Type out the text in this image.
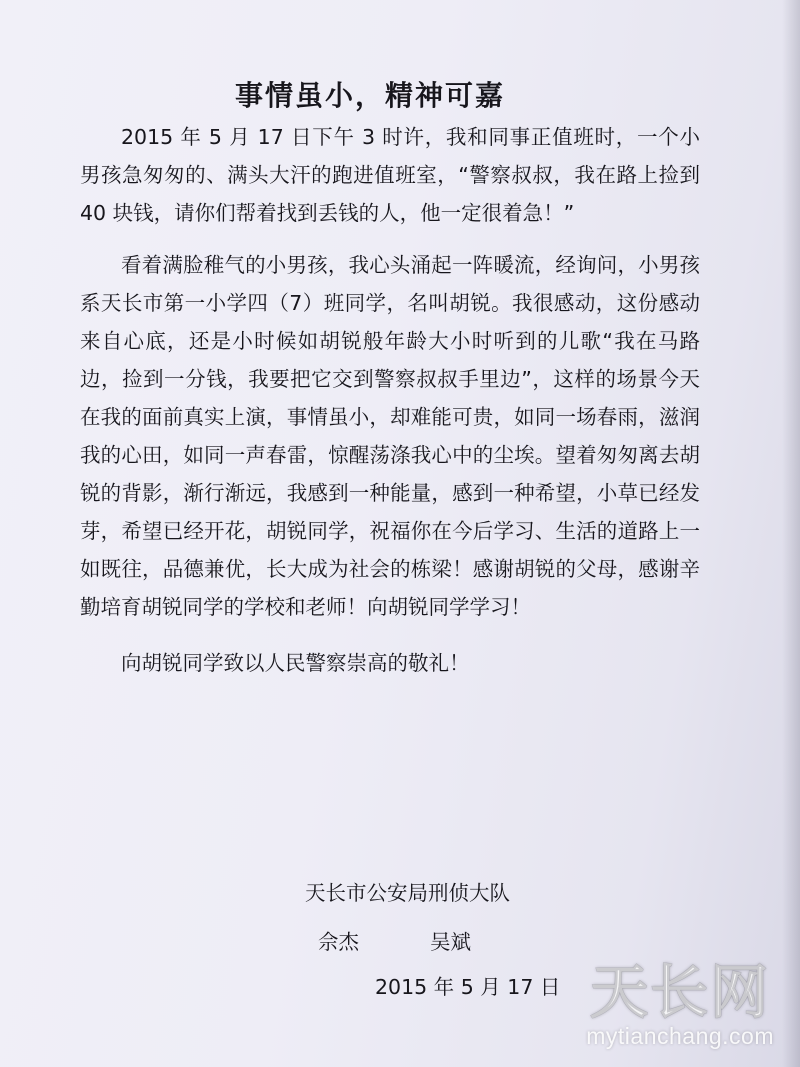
事情虽小，精神可嘉

2015 年 5 月 17 日下午 3 时许，我和同事正值班时，一个小男孩急匆匆的、满头大汗的跑进值班室，“警察叔叔，我在路上捡到 40 块钱，请你们帮着找到丢钱的人，他一定很着急！”

看着满脸稚气的小男孩，我心头涌起一阵暖流，经询问，小男孩系天长市第一小学四（7）班同学，名叫胡锐。我很感动，这份感动来自心底，还是小时候如胡锐般年龄大小时听到的儿歌“我在马路边，捡到一分钱，我要把它交到警察叔叔手里边”，这样的场景今天在我的面前真实上演，事情虽小，却难能可贵，如同一场春雨，滋润我的心田，如同一声春雷，惊醒荡涤我心中的尘埃。望着匆匆离去胡锐的背影，渐行渐远，我感到一种能量，感到一种希望，小草已经发芽，希望已经开花，胡锐同学，祝福你在今后学习、生活的道路上一如既往，品德兼优，长大成为社会的栋梁！感谢胡锐的父母，感谢辛勤培育胡锐同学的学校和老师！向胡锐同学学习！

向胡锐同学致以人民警察崇高的敬礼！

天长市公安局刑侦大队

佘杰	吴斌

2015 年 5 月 17 日 天长网
mytianchang.com
